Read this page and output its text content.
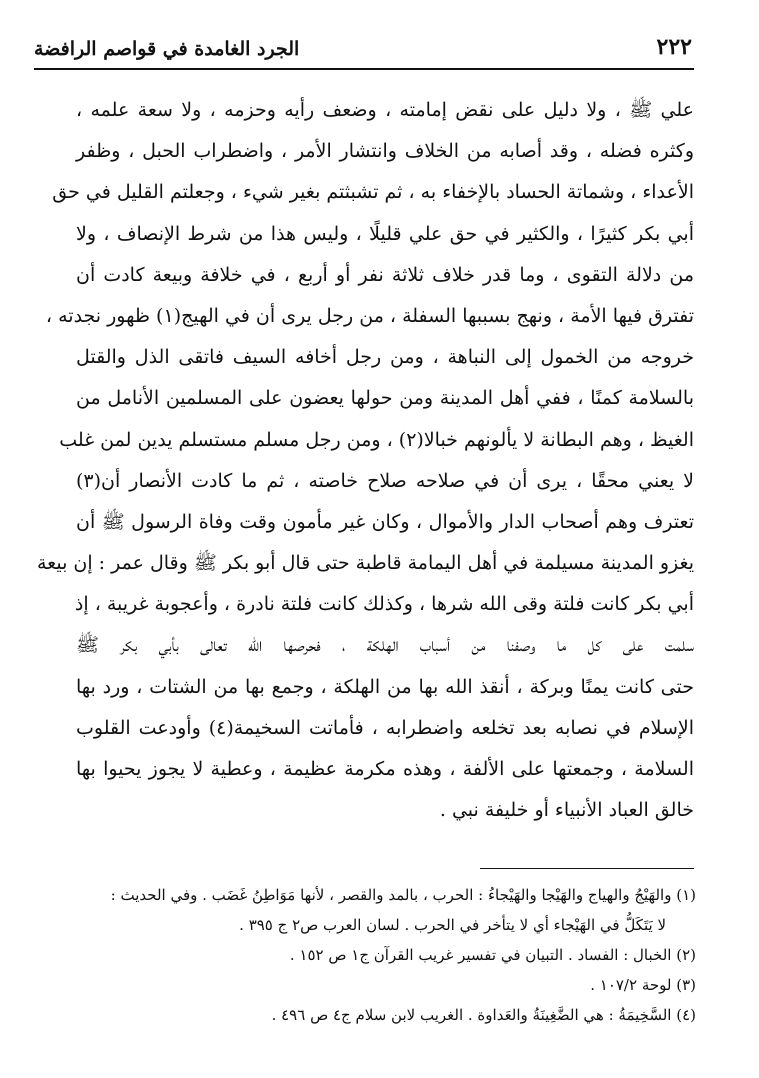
٢٢٢
الجرد الغامدة في قواصم الرافضة
علي ﷺ ، ولا دليل على نقض إمامته ، وضعف رأيه وحزمه ، ولا سعة علمه ،
وكثره فضله ، وقد أصابه من الخلاف وانتشار الأمر ، واضطراب الحبل ، وظفر
الأعداء ، وشماتة الحساد بالإخفاء به ، ثم تشبثتم بغير شيء ، وجعلتم القليل في حق
أبي بكر كثيرًا ، والكثير في حق علي قليلًا ، وليس هذا من شرط الإنصاف ، ولا
من دلالة التقوى ، وما قدر خلاف ثلاثة نفر أو أربع ، في خلافة وبيعة كادت أن
تفترق فيها الأمة ، ونهج بسببها السفلة ، من رجل يرى أن في الهيج(١) ظهور نجدته ،
خروجه من الخمول إلى النباهة ، ومن رجل أخافه السيف فاتقى الذل والقتل
بالسلامة كمنًا ، ففي أهل المدينة ومن حولها يعضون على المسلمين الأنامل من
الغيظ ، وهم البطانة لا يألونهم خبالا(٢) ، ومن رجل مسلم مستسلم يدين لمن غلب
لا يعني محقًا ، يرى أن في صلاحه صلاح خاصته ، ثم ما كادت الأنصار أن(٣)
تعترف وهم أصحاب الدار والأموال ، وكان غير مأمون وقت وفاة الرسول ﷺ أن
يغزو المدينة مسيلمة في أهل اليمامة قاطبة حتى قال أبو بكر ﷺ وقال عمر : إن بيعة
أبي بكر كانت فلتة وقى الله شرها ، وكذلك كانت فلتة نادرة ، وأعجوبة غريبة ، إذ
سلمت على كل ما وصفنا من أسباب الهلكة ، فحرصها الله تعالى بأبي بكر ﷺ
حتى كانت يمنًا وبركة ، أنقذ الله بها من الهلكة ، وجمع بها من الشتات ، ورد بها
الإسلام في نصابه بعد تخلعه واضطرابه ، فأماتت السخيمة(٤) وأودعت القلوب
السلامة ، وجمعتها على الألفة ، وهذه مكرمة عظيمة ، وعطية لا يجوز يحيوا بها
خالق العباد الأنبياء أو خليفة نبي .
(١) والهَيْجُ والهياج والهَيْجا والهَيْجاءُ : الحرب ، بالمد والقصر ، لأنها مَوَاطِنُ غَضَب . وفي الحديث :
لا يَتَكَلُّ في الهَيْجاء أي لا يتأخر في الحرب . لسان العرب ص٢ ج ٣٩٥ .
(٢) الخبال : الفساد . التبيان في تفسير غريب القرآن ج١ ص ١٥٢ .
(٣) لوحة ١٠٧/٢ .
(٤) السَّخِيمَةُ : هي الضَّغِينَةُ والعَداوة . الغريب لابن سلام ج٤ ص ٤٩٦ .
